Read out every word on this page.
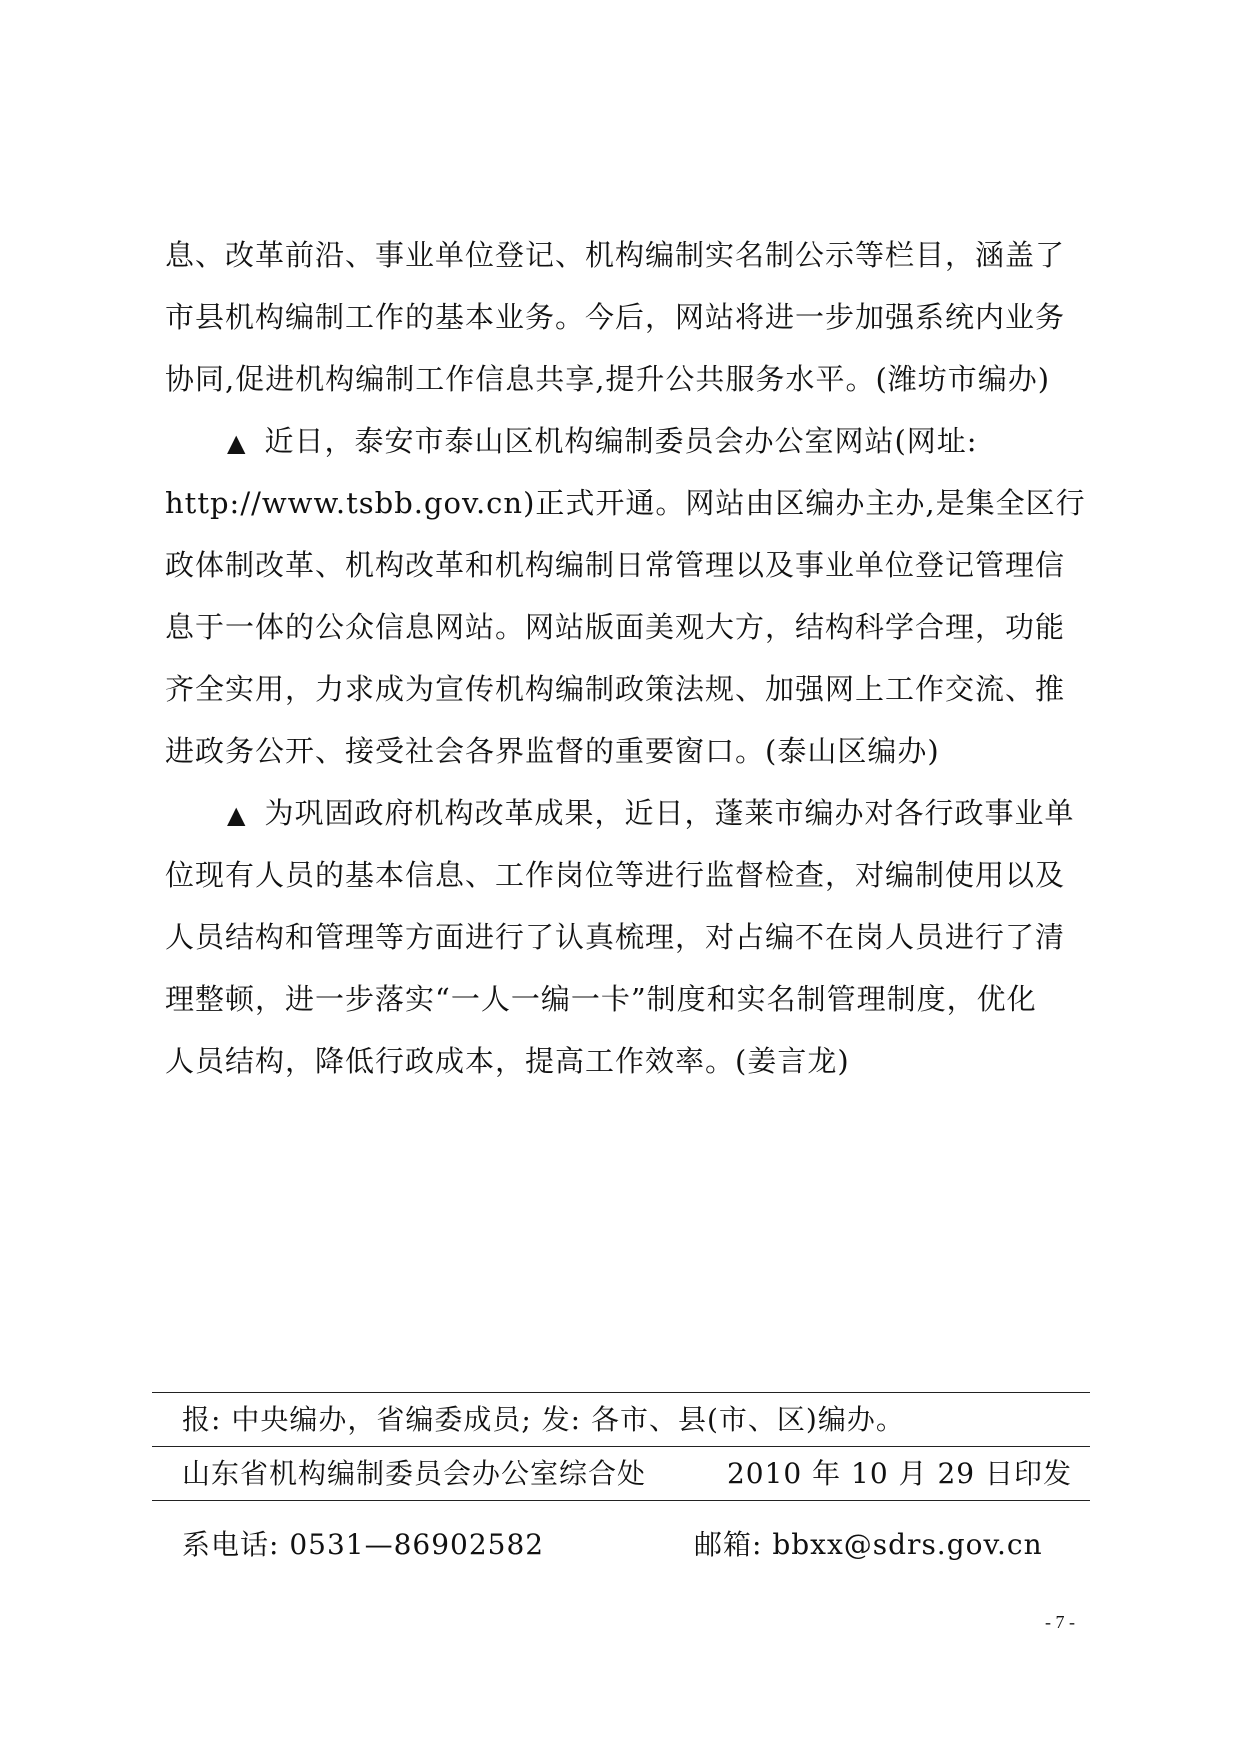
息、改革前沿、事业单位登记、机构编制实名制公示等栏目，涵盖了
市县机构编制工作的基本业务。今后，网站将进一步加强系统内业务
协同,促进机构编制工作信息共享,提升公共服务水平。(潍坊市编办)
▲ 近日，泰安市泰山区机构编制委员会办公室网站(网址:
http://www.tsbb.gov.cn)正式开通。网站由区编办主办,是集全区行
政体制改革、机构改革和机构编制日常管理以及事业单位登记管理信
息于一体的公众信息网站。网站版面美观大方，结构科学合理，功能
齐全实用，力求成为宣传机构编制政策法规、加强网上工作交流、推
进政务公开、接受社会各界监督的重要窗口。(泰山区编办)
▲ 为巩固政府机构改革成果，近日，蓬莱市编办对各行政事业单
位现有人员的基本信息、工作岗位等进行监督检查，对编制使用以及
人员结构和管理等方面进行了认真梳理，对占编不在岗人员进行了清
理整顿，进一步落实“一人一编一卡”制度和实名制管理制度，优化
人员结构，降低行政成本，提高工作效率。(姜言龙)
报: 中央编办，省编委成员; 发: 各市、县(市、区)编办。
山东省机构编制委员会办公室综合处	2010 年 10 月 29 日印发
系电话: 0531—86902582	邮箱: bbxx@sdrs.gov.cn
- 7 -
